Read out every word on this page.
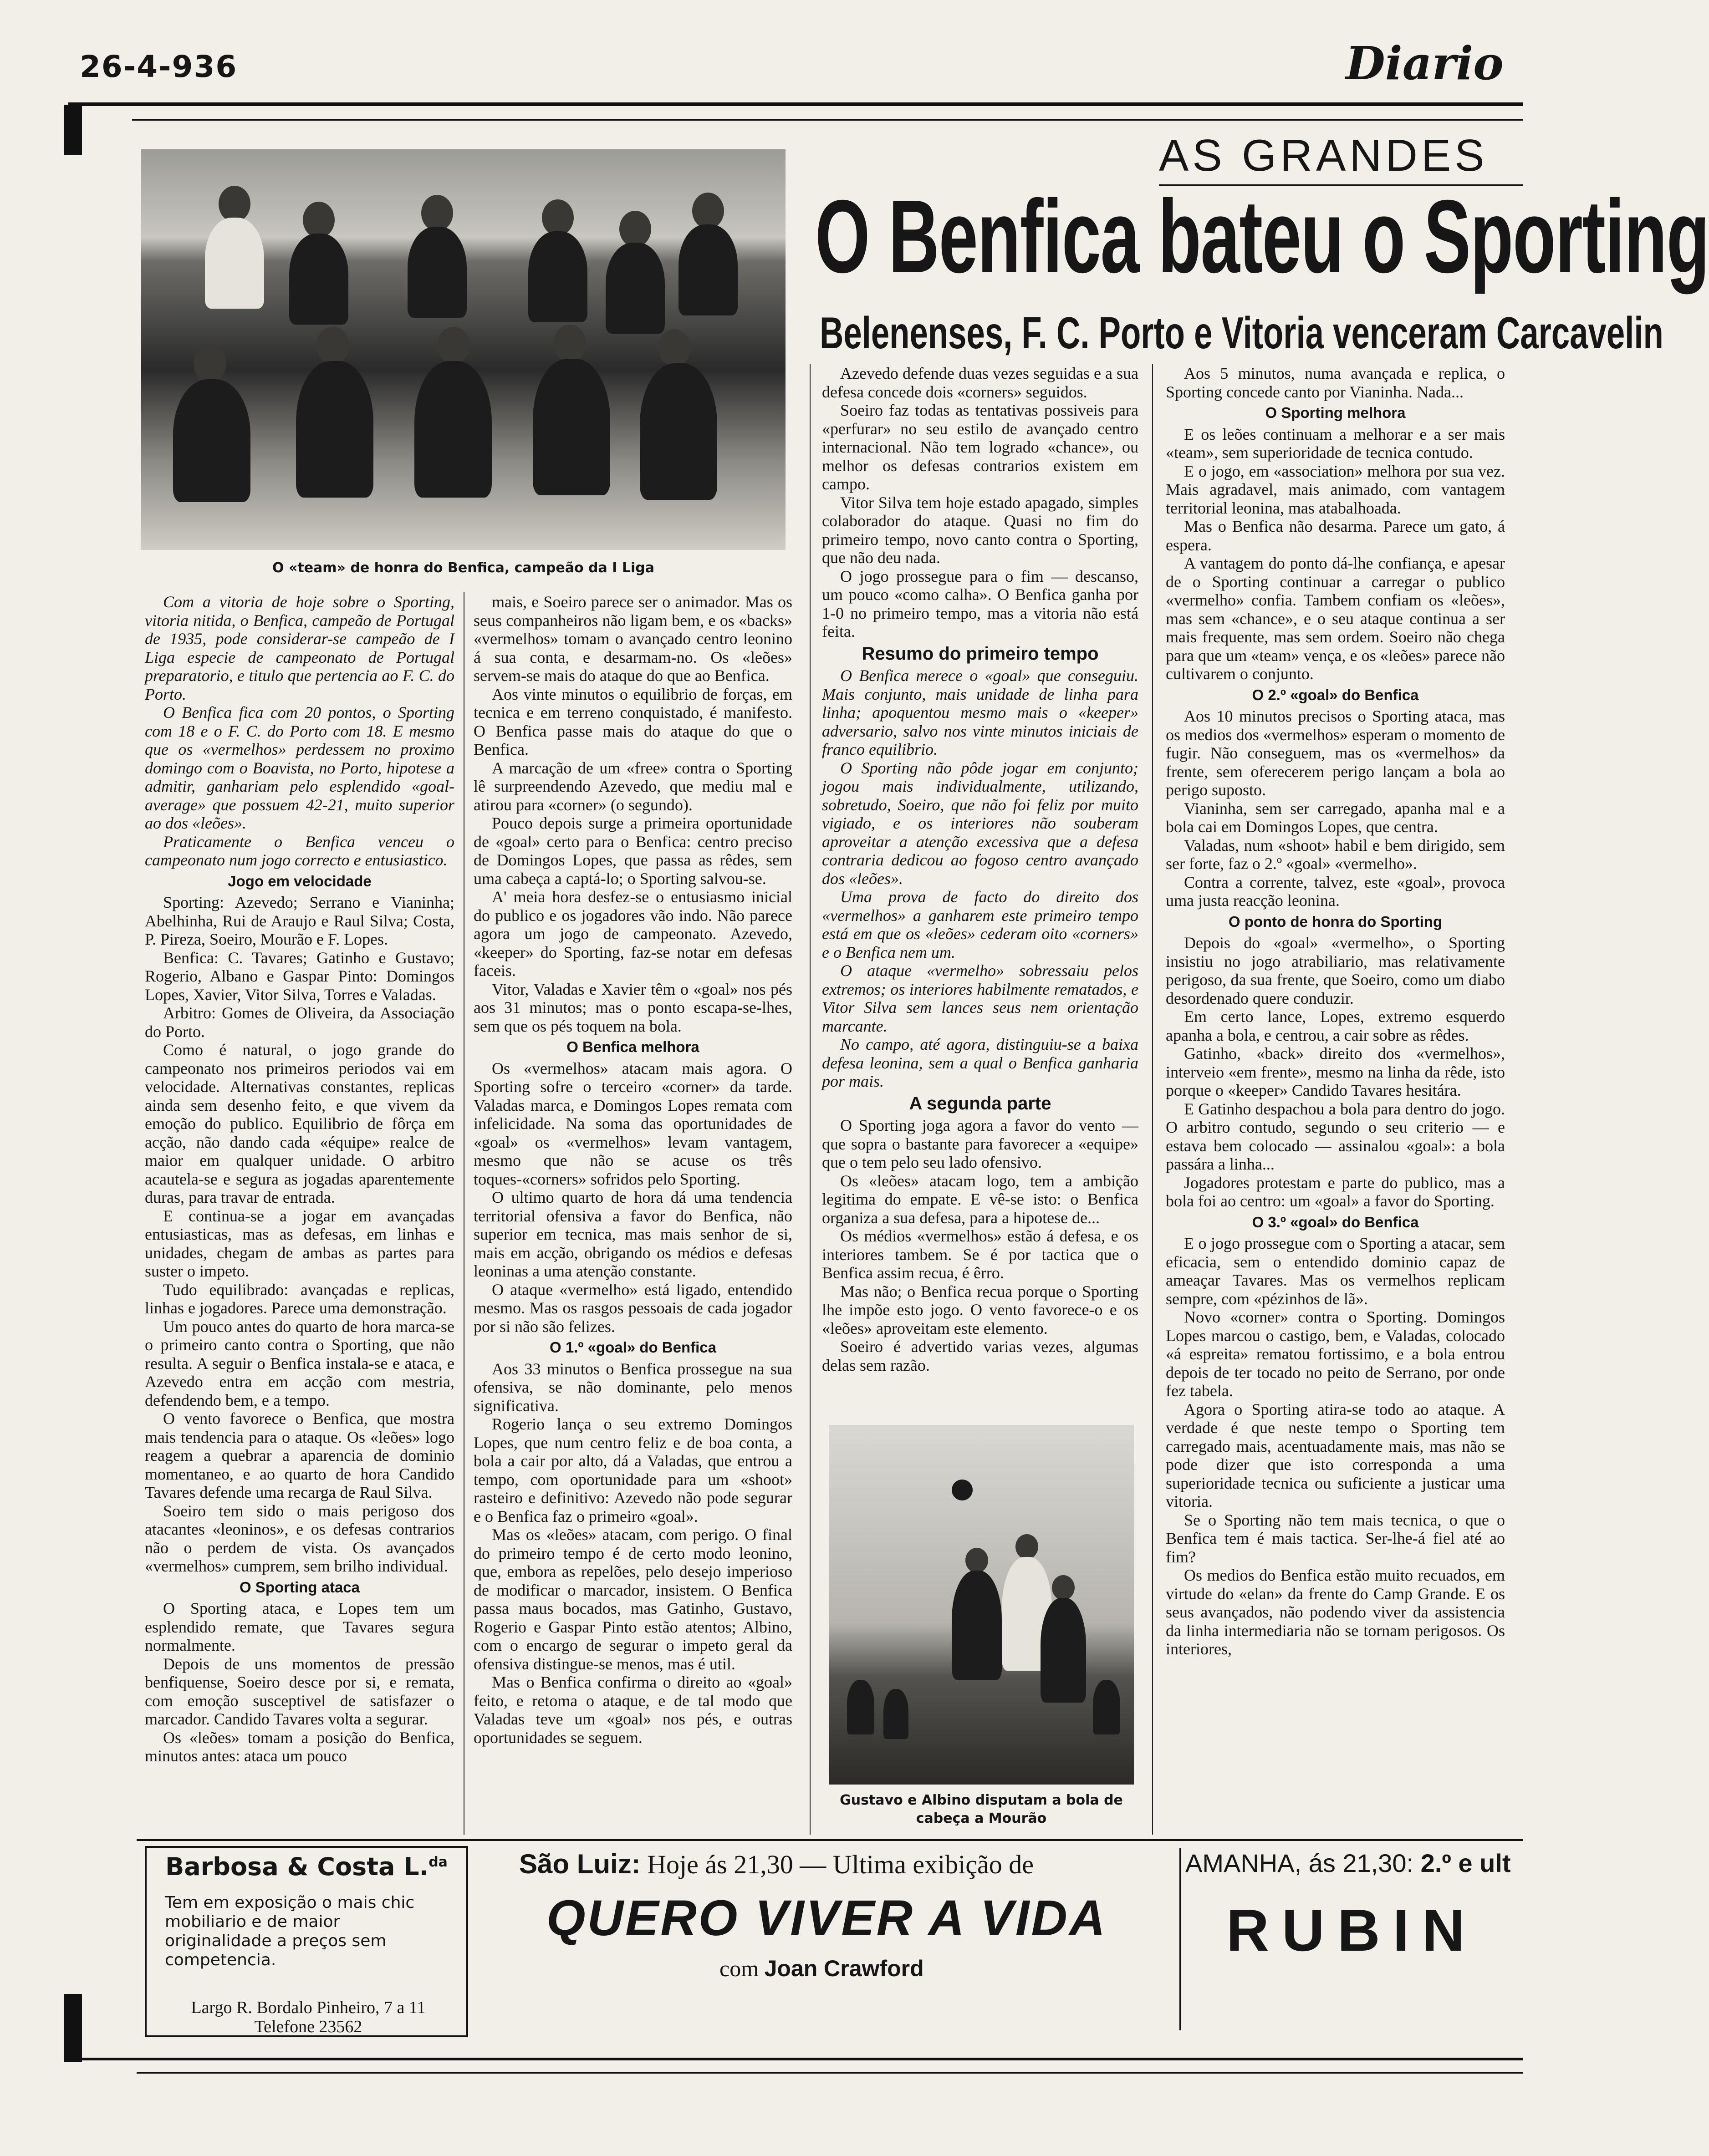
26-4-936	Diario
O «team» de honra do Benfica, campeão da I Liga
AS GRANDES
O Benfica bateu o Sporting
Belenenses, F. C. Porto e Vitoria venceram Carcavelin

Com a vitoria de hoje sobre o Sporting, vitoria nitida, o Benfica, campeão de Portugal de 1935, pode considerar-se campeão de I Liga especie de campeonato de Portugal preparatorio, e titulo que pertencia ao F. C. do Porto.

O Benfica fica com 20 pontos, o Sporting com 18 e o F. C. do Porto com 18. E mesmo que os «vermelhos» perdessem no proximo domingo com o Boavista, no Porto, hipotese a admitir, ganhariam pelo esplendido «goal-average» que possuem 42-21, muito superior ao dos «leões».

Praticamente o Benfica venceu o campeonato num jogo correcto e entusiastico.

Jogo em velocidade

Sporting: Azevedo; Serrano e Vianinha; Abelhinha, Rui de Araujo e Raul Silva; Costa, P. Pireza, Soeiro, Mourão e F. Lopes.

Benfica: C. Tavares; Gatinho e Gustavo; Rogerio, Albano e Gaspar Pinto: Domingos Lopes, Xavier, Vitor Silva, Torres e Valadas.

Arbitro: Gomes de Oliveira, da Associação do Porto.

Como é natural, o jogo grande do campeonato nos primeiros periodos vai em velocidade. Alternativas constantes, replicas ainda sem desenho feito, e que vivem da emoção do publico. Equilibrio de fôrça em acção, não dando cada «équipe» realce de maior em qualquer unidade. O arbitro acautela-se e segura as jogadas aparentemente duras, para travar de entrada.

E continua-se a jogar em avançadas entusiasticas, mas as defesas, em linhas e unidades, chegam de ambas as partes para suster o impeto.

Tudo equilibrado: avançadas e replicas, linhas e jogadores. Parece uma demonstração.

Um pouco antes do quarto de hora marca-se o primeiro canto contra o Sporting, que não resulta. A seguir o Benfica instala-se e ataca, e Azevedo entra em acção com mestria, defendendo bem, e a tempo.

O vento favorece o Benfica, que mostra mais tendencia para o ataque. Os «leões» logo reagem a quebrar a aparencia de dominio momentaneo, e ao quarto de hora Candido Tavares defende uma recarga de Raul Silva.

Soeiro tem sido o mais perigoso dos atacantes «leoninos», e os defesas contrarios não o perdem de vista. Os avançados «vermelhos» cumprem, sem brilho individual.

O Sporting ataca

O Sporting ataca, e Lopes tem um esplendido remate, que Tavares segura normalmente.

Depois de uns momentos de pressão benfiquense, Soeiro desce por si, e remata, com emoção susceptivel de satisfazer o marcador. Candido Tavares volta a segurar.

Os «leões» tomam a posição do Benfica, minutos antes: ataca um pouco

mais, e Soeiro parece ser o animador. Mas os seus companheiros não ligam bem, e os «backs» «vermelhos» tomam o avançado centro leonino á sua conta, e desarmam-no. Os «leões» servem-se mais do ataque do que ao Benfica.

Aos vinte minutos o equilibrio de forças, em tecnica e em terreno conquistado, é manifesto. O Benfica passe mais do ataque do que o Benfica.

A marcação de um «free» contra o Sporting lê surpreendendo Azevedo, que mediu mal e atirou para «corner» (o segundo).

Pouco depois surge a primeira oportunidade de «goal» certo para o Benfica: centro preciso de Domingos Lopes, que passa as rêdes, sem uma cabeça a captá-lo; o Sporting salvou-se.

A' meia hora desfez-se o entusiasmo inicial do publico e os jogadores vão indo. Não parece agora um jogo de campeonato. Azevedo, «keeper» do Sporting, faz-se notar em defesas faceis.

Vitor, Valadas e Xavier têm o «goal» nos pés aos 31 minutos; mas o ponto escapa-se-lhes, sem que os pés toquem na bola.

O Benfica melhora

Os «vermelhos» atacam mais agora. O Sporting sofre o terceiro «corner» da tarde. Valadas marca, e Domingos Lopes remata com infelicidade. Na soma das oportunidades de «goal» os «vermelhos» levam vantagem, mesmo que não se acuse os três toques-«corners» sofridos pelo Sporting.

O ultimo quarto de hora dá uma tendencia territorial ofensiva a favor do Benfica, não superior em tecnica, mas mais senhor de si, mais em acção, obrigando os médios e defesas leoninas a uma atenção constante.

O ataque «vermelho» está ligado, entendido mesmo. Mas os rasgos pessoais de cada jogador por si não são felizes.

O 1.º «goal» do Benfica

Aos 33 minutos o Benfica prossegue na sua ofensiva, se não dominante, pelo menos significativa.

Rogerio lança o seu extremo Domingos Lopes, que num centro feliz e de boa conta, a bola a cair por alto, dá a Valadas, que entrou a tempo, com oportunidade para um «shoot» rasteiro e definitivo: Azevedo não pode segurar e o Benfica faz o primeiro «goal».

Mas os «leões» atacam, com perigo. O final do primeiro tempo é de certo modo leonino, que, embora as repelões, pelo desejo imperioso de modificar o marcador, insistem. O Benfica passa maus bocados, mas Gatinho, Gustavo, Rogerio e Gaspar Pinto estão atentos; Albino, com o encargo de segurar o impeto geral da ofensiva distingue-se menos, mas é util.

Mas o Benfica confirma o direito ao «goal» feito, e retoma o ataque, e de tal modo que Valadas teve um «goal» nos pés, e outras oportunidades se seguem.

Azevedo defende duas vezes seguidas e a sua defesa concede dois «corners» seguidos.

Soeiro faz todas as tentativas possiveis para «perfurar» no seu estilo de avançado centro internacional. Não tem logrado «chance», ou melhor os defesas contrarios existem em campo.

Vitor Silva tem hoje estado apagado, simples colaborador do ataque. Quasi no fim do primeiro tempo, novo canto contra o Sporting, que não deu nada.

O jogo prossegue para o fim — descanso, um pouco «como calha». O Benfica ganha por 1-0 no primeiro tempo, mas a vitoria não está feita.

Resumo do primeiro tempo

O Benfica merece o «goal» que conseguiu. Mais conjunto, mais unidade de linha para linha; apoquentou mesmo mais o «keeper» adversario, salvo nos vinte minutos iniciais de franco equilibrio.

O Sporting não pôde jogar em conjunto; jogou mais individualmente, utilizando, sobretudo, Soeiro, que não foi feliz por muito vigiado, e os interiores não souberam aproveitar a atenção excessiva que a defesa contraria dedicou ao fogoso centro avançado dos «leões».

Uma prova de facto do direito dos «vermelhos» a ganharem este primeiro tempo está em que os «leões» cederam oito «corners» e o Benfica nem um.

O ataque «vermelho» sobressaiu pelos extremos; os interiores habilmente rematados, e Vitor Silva sem lances seus nem orientação marcante.

No campo, até agora, distinguiu-se a baixa defesa leonina, sem a qual o Benfica ganharia por mais.

A segunda parte

O Sporting joga agora a favor do vento — que sopra o bastante para favorecer a «equipe» que o tem pelo seu lado ofensivo.

Os «leões» atacam logo, tem a ambição legitima do empate. E vê-se isto: o Benfica organiza a sua defesa, para a hipotese de...

Os médios «vermelhos» estão á defesa, e os interiores tambem. Se é por tactica que o Benfica assim recua, é êrro.

Mas não; o Benfica recua porque o Sporting lhe impõe esto jogo. O vento favorece-o e os «leões» aproveitam este elemento.

Soeiro é advertido varias vezes, algumas delas sem razão.

Gustavo e Albino disputam a bola de cabeça a Mourão

Aos 5 minutos, numa avançada e replica, o Sporting concede canto por Vianinha. Nada...

O Sporting melhora

E os leões continuam a melhorar e a ser mais «team», sem superioridade de tecnica contudo.

E o jogo, em «association» melhora por sua vez. Mais agradavel, mais animado, com vantagem territorial leonina, mas atabalhoada.

Mas o Benfica não desarma. Parece um gato, á espera.

A vantagem do ponto dá-lhe confiança, e apesar de o Sporting continuar a carregar o publico «vermelho» confia. Tambem confiam os «leões», mas sem «chance», e o seu ataque continua a ser mais frequente, mas sem ordem. Soeiro não chega para que um «team» vença, e os «leões» parece não cultivarem o conjunto.

O 2.º «goal» do Benfica

Aos 10 minutos precisos o Sporting ataca, mas os medios dos «vermelhos» esperam o momento de fugir. Não conseguem, mas os «vermelhos» da frente, sem oferecerem perigo lançam a bola ao perigo suposto.

Vianinha, sem ser carregado, apanha mal e a bola cai em Domingos Lopes, que centra.

Valadas, num «shoot» habil e bem dirigido, sem ser forte, faz o 2.º «goal» «vermelho».

Contra a corrente, talvez, este «goal», provoca uma justa reacção leonina.

O ponto de honra do Sporting

Depois do «goal» «vermelho», o Sporting insistiu no jogo atrabiliario, mas relativamente perigoso, da sua frente, que Soeiro, como um diabo desordenado quere conduzir.

Em certo lance, Lopes, extremo esquerdo apanha a bola, e centrou, a cair sobre as rêdes.

Gatinho, «back» direito dos «vermelhos», interveio «em frente», mesmo na linha da rêde, isto porque o «keeper» Candido Tavares hesitára.

E Gatinho despachou a bola para dentro do jogo. O arbitro contudo, segundo o seu criterio — e estava bem colocado — assinalou «goal»: a bola passára a linha...

Jogadores protestam e parte do publico, mas a bola foi ao centro: um «goal» a favor do Sporting.

O 3.º «goal» do Benfica

E o jogo prossegue com o Sporting a atacar, sem eficacia, sem o entendido dominio capaz de ameaçar Tavares. Mas os vermelhos replicam sempre, com «pézinhos de lã».

Novo «corner» contra o Sporting. Domingos Lopes marcou o castigo, bem, e Valadas, colocado «á espreita» rematou fortissimo, e a bola entrou depois de ter tocado no peito de Serrano, por onde fez tabela.

Agora o Sporting atira-se todo ao ataque. A verdade é que neste tempo o Sporting tem carregado mais, acentuadamente mais, mas não se pode dizer que isto corresponda a uma superioridade tecnica ou suficiente a justicar uma vitoria.

Se o Sporting não tem mais tecnica, o que o Benfica tem é mais tactica. Ser-lhe-á fiel até ao fim?

Os medios do Benfica estão muito recuados, em virtude do «elan» da frente do Camp Grande. E os seus avançados, não podendo viver da assistencia da linha intermediaria não se tornam perigosos. Os interiores,

Barbosa & Costa L.$^{da}$
Tem em exposição o mais chic mobiliario e de maior originalidade a preços sem competencia.
Largo R. Bordalo Pinheiro, 7 a 11
Telefone 23562
São Luiz: Hoje ás 21,30 — Ultima exibição de
QUERO VIVER A VIDA
com Joan Crawford
AMANHA, ás 21,30: 2.º e ult
RUBIN
